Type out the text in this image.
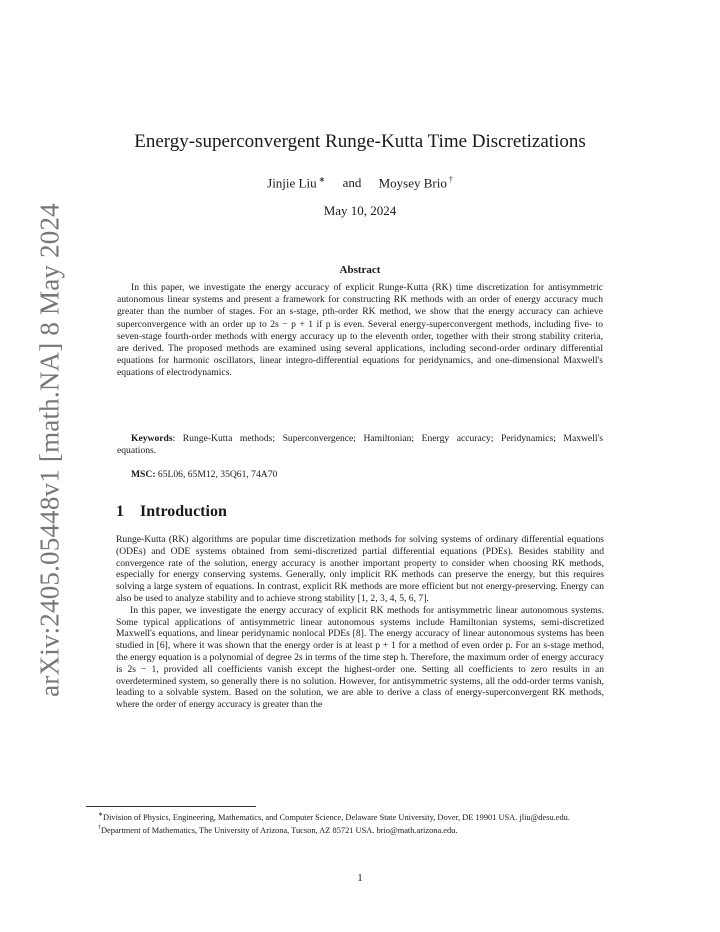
arXiv:2405.05448v1 [math.NA] 8 May 2024
Energy-superconvergent Runge-Kutta Time Discretizations
Jinjie Liu ∗ and Moysey Brio †
May 10, 2024
Abstract
In this paper, we investigate the energy accuracy of explicit Runge-Kutta (RK) time discretization for antisymmetric autonomous linear systems and present a framework for constructing RK methods with an order of energy accuracy much greater than the number of stages. For an s-stage, pth-order RK method, we show that the energy accuracy can achieve superconvergence with an order up to 2s − p + 1 if p is even. Several energy-superconvergent methods, including five- to seven-stage fourth-order methods with energy accuracy up to the eleventh order, together with their strong stability criteria, are derived. The proposed methods are examined using several applications, including second-order ordinary differential equations for harmonic oscillators, linear integro-differential equations for peridynamics, and one-dimensional Maxwell's equations of electrodynamics.
Keywords: Runge-Kutta methods; Superconvergence; Hamiltonian; Energy accuracy; Peridynamics; Maxwell's equations.
MSC: 65L06, 65M12, 35Q61, 74A70
1 Introduction

Runge-Kutta (RK) algorithms are popular time discretization methods for solving systems of ordinary differential equations (ODEs) and ODE systems obtained from semi-discretized partial differential equations (PDEs). Besides stability and convergence rate of the solution, energy accuracy is another important property to consider when choosing RK methods, especially for energy conserving systems. Generally, only implicit RK methods can preserve the energy, but this requires solving a large system of equations. In contrast, explicit RK methods are more efficient but not energy-preserving. Energy can also be used to analyze stability and to achieve strong stability [1, 2, 3, 4, 5, 6, 7].

In this paper, we investigate the energy accuracy of explicit RK methods for antisymmetric linear autonomous systems. Some typical applications of antisymmetric linear autonomous systems include Hamiltonian systems, semi-discretized Maxwell's equations, and linear peridynamic nonlocal PDEs [8]. The energy accuracy of linear autonomous systems has been studied in [6], where it was shown that the energy order is at least p + 1 for a method of even order p. For an s-stage method, the energy equation is a polynomial of degree 2s in terms of the time step h. Therefore, the maximum order of energy accuracy is 2s − 1, provided all coefficients vanish except the highest-order one. Setting all coefficients to zero results in an overdetermined system, so generally there is no solution. However, for antisymmetric systems, all the odd-order terms vanish, leading to a solvable system. Based on the solution, we are able to derive a class of energy-superconvergent RK methods, where the order of energy accuracy is greater than the

∗Division of Physics, Engineering, Mathematics, and Computer Science, Delaware State University, Dover, DE 19901 USA. jliu@desu.edu.

†Department of Mathematics, The University of Arizona, Tucson, AZ 85721 USA. brio@math.arizona.edu.

1
